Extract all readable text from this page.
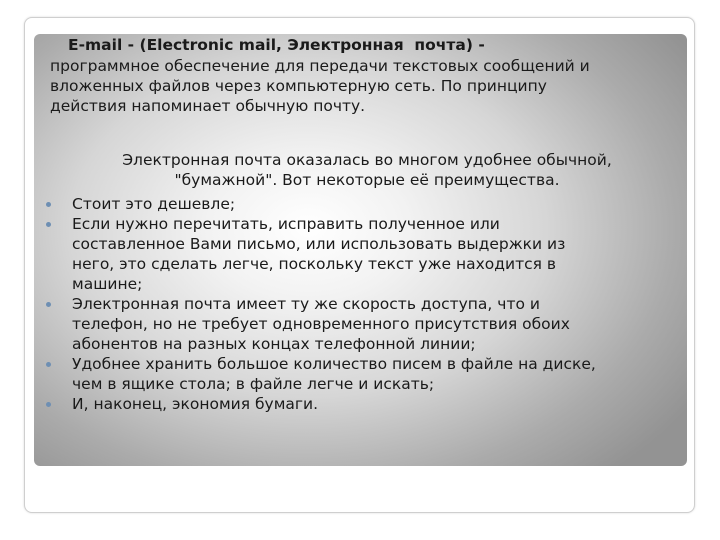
E-mail - (Electronic mail, Электронная  почта) -
программное обеспечение для передачи текстовых сообщений и
вложенных файлов через компьютерную сеть. По принципу
действия напоминает обычную почту.
Электронная почта оказалась во многом удобнее обычной,
"бумажной". Вот некоторые её преимущества.
Стоит это дешевле;
Если нужно перечитать, исправить полученное или
составленное Вами письмо, или использовать выдержки из
него, это сделать легче, поскольку текст уже находится в
машине;
Электронная почта имеет ту же скорость доступа, что и
телефон, но не требует одновременного присутствия обоих
абонентов на разных концах телефонной линии;
Удобнее хранить большое количество писем в файле на диске,
чем в ящике стола; в файле легче и искать;
И, наконец, экономия бумаги.
